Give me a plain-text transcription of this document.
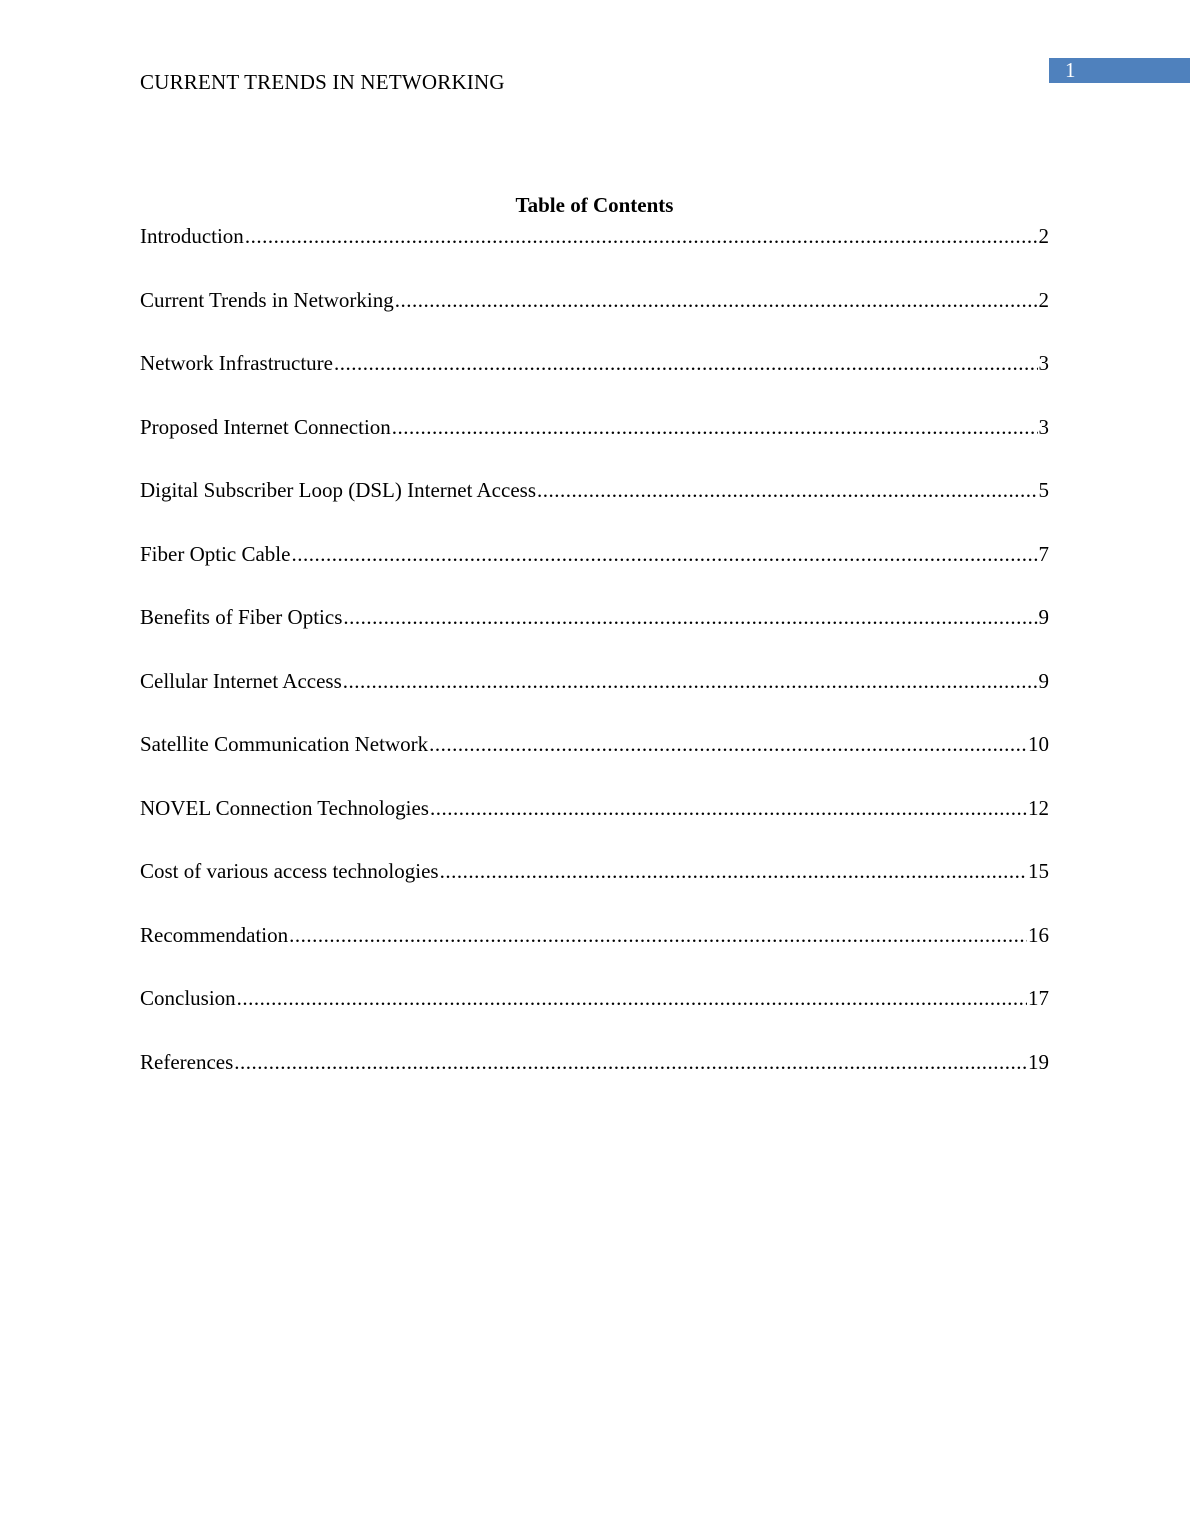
CURRENT TRENDS IN NETWORKING	1
Table of Contents
Introduction .....	2
Current Trends in Networking .....	2
Network Infrastructure .....	3
Proposed Internet Connection .....	3
Digital Subscriber Loop (DSL) Internet Access .....	5
Fiber Optic Cable .....	7
Benefits of Fiber Optics .....	9
Cellular Internet Access .....	9
Satellite Communication Network .....	10
NOVEL Connection Technologies .....	12
Cost of various access technologies .....	15
Recommendation .....	16
Conclusion .....	17
References .....	19
